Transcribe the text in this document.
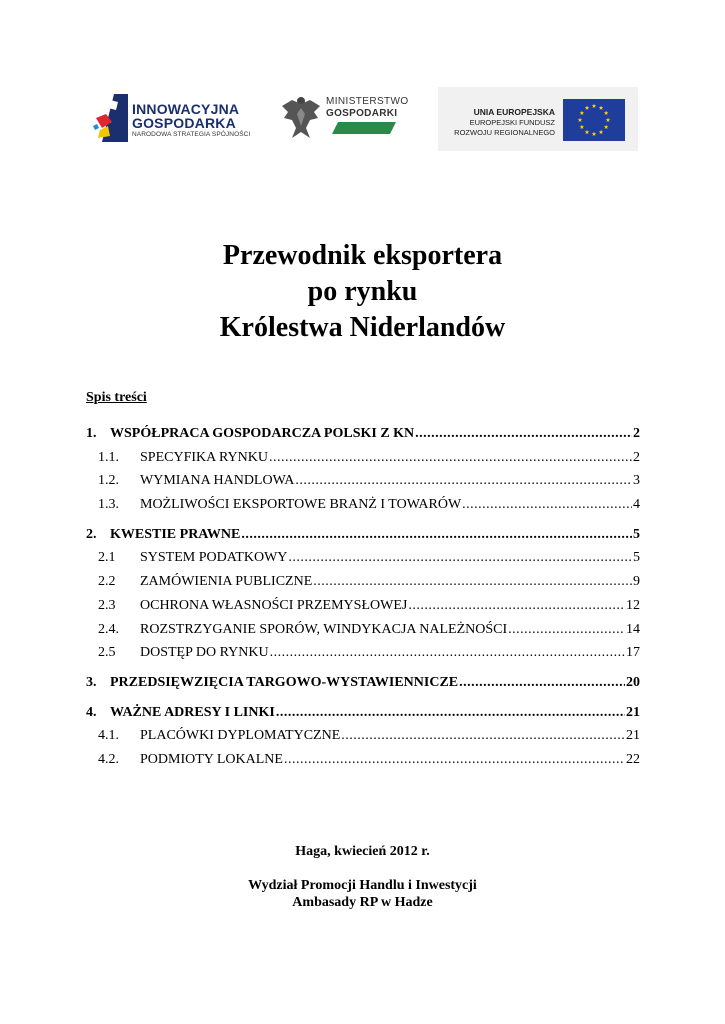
INNOWACYJNA
GOSPODARKA
NARODOWA STRATEGIA SPÓJNOŚCI
MINISTERSTWO
GOSPODARKI	UNIA EUROPEJSKA
EUROPEJSKI FUNDUSZ
ROZWOJU REGIONALNEGO
Przewodnik eksportera
po rynku
Królestwa Niderlandów
Spis treści
1. WSPÓŁPRACA GOSPODARCZA POLSKI Z KN .....	2
1.1.	SPECYFIKA RYNKU .....	2
1.2.	WYMIANA HANDLOWA .....	3
1.3.	MOŻLIWOŚCI EKSPORTOWE BRANŻ I TOWARÓW .....	4
2. KWESTIE PRAWNE .....	5
2.1	SYSTEM PODATKOWY .....	5
2.2	ZAMÓWIENIA PUBLICZNE .....	9
2.3	OCHRONA WŁASNOŚCI PRZEMYSŁOWEJ .....	12
2.4.	ROZSTRZYGANIE SPORÓW, WINDYKACJA NALEŻNOŚCI .....	14
2.5	DOSTĘP DO RYNKU .....	17
3. PRZEDSIĘWZIĘCIA TARGOWO-WYSTAWIENNICZE .....	20
4. WAŻNE ADRESY I LINKI .....	21
4.1.	PLACÓWKI DYPLOMATYCZNE .....	21
4.2.	PODMIOTY LOKALNE .....	22
Haga, kwiecień 2012 r.
Wydział Promocji Handlu i Inwestycji
Ambasady RP w Hadze
